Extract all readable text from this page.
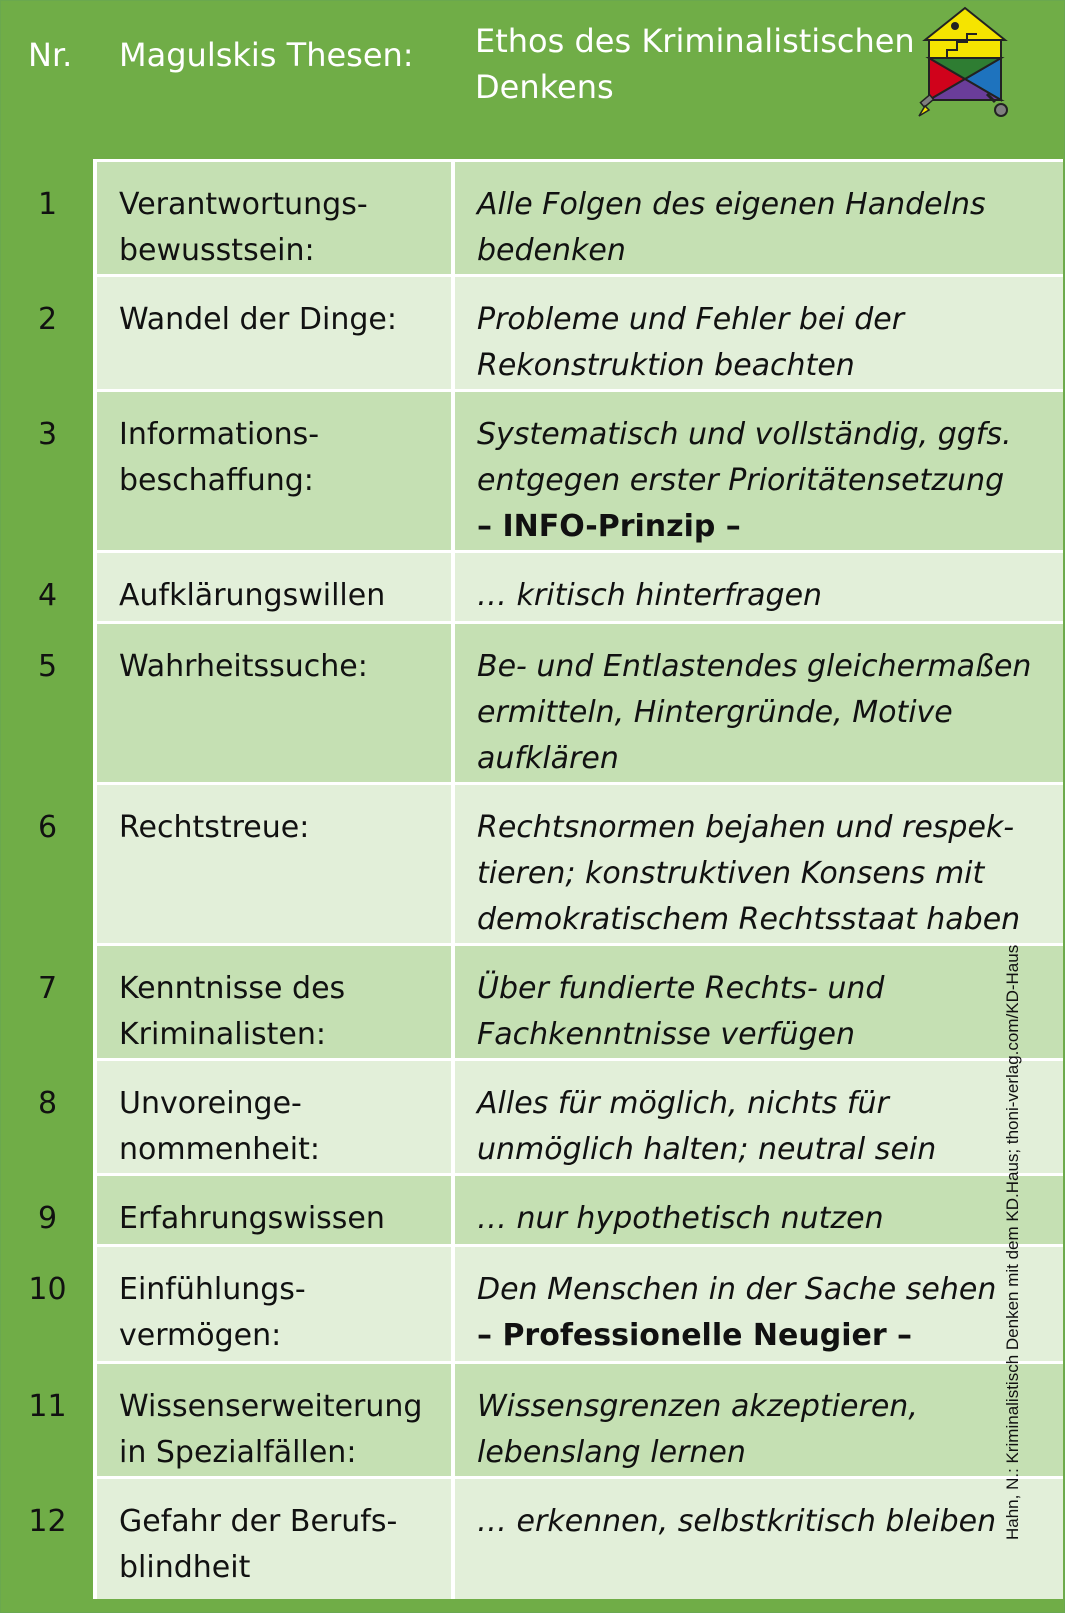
Nr.	Magulskis Thesen:	Ethos des Kriminalistischen
Denkens

1	Verantwortungs-
bewusstsein:	Alle Folgen des eigenen Handelns
bedenken

2	Wandel der Dinge:	Probleme und Fehler bei der
Rekonstruktion beachten

3	Informations-
beschaffung:	Systematisch und vollständig, ggfs.
entgegen erster Prioritätensetzung
– INFO-Prinzip –

4	Aufklärungswillen	… kritisch hinterfragen

5	Wahrheitssuche:	Be- und Entlastendes gleichermaßen
ermitteln, Hintergründe, Motive
aufklären

6	Rechtstreue:	Rechtsnormen bejahen und respek-
tieren; konstruktiven Konsens mit
demokratischem Rechtsstaat haben

7	Kenntnisse des
Kriminalisten:	Über fundierte Rechts- und
Fachkenntnisse verfügen

8	Unvoreinge-
nommenheit:	Alles für möglich, nichts für
unmöglich halten; neutral sein

9	Erfahrungswissen	… nur hypothetisch nutzen

10	Einfühlungs-
vermögen:	Den Menschen in der Sache sehen
– Professionelle Neugier –

11	Wissenserweiterung
in Spezialfällen:	Wissensgrenzen akzeptieren,
lebenslang lernen

12	Gefahr der Berufs-
blindheit	… erkennen, selbstkritisch bleiben Hahn, N.: Kriminalistisch Denken mit dem KD.Haus; thoni-verlag.com/KD-Haus
